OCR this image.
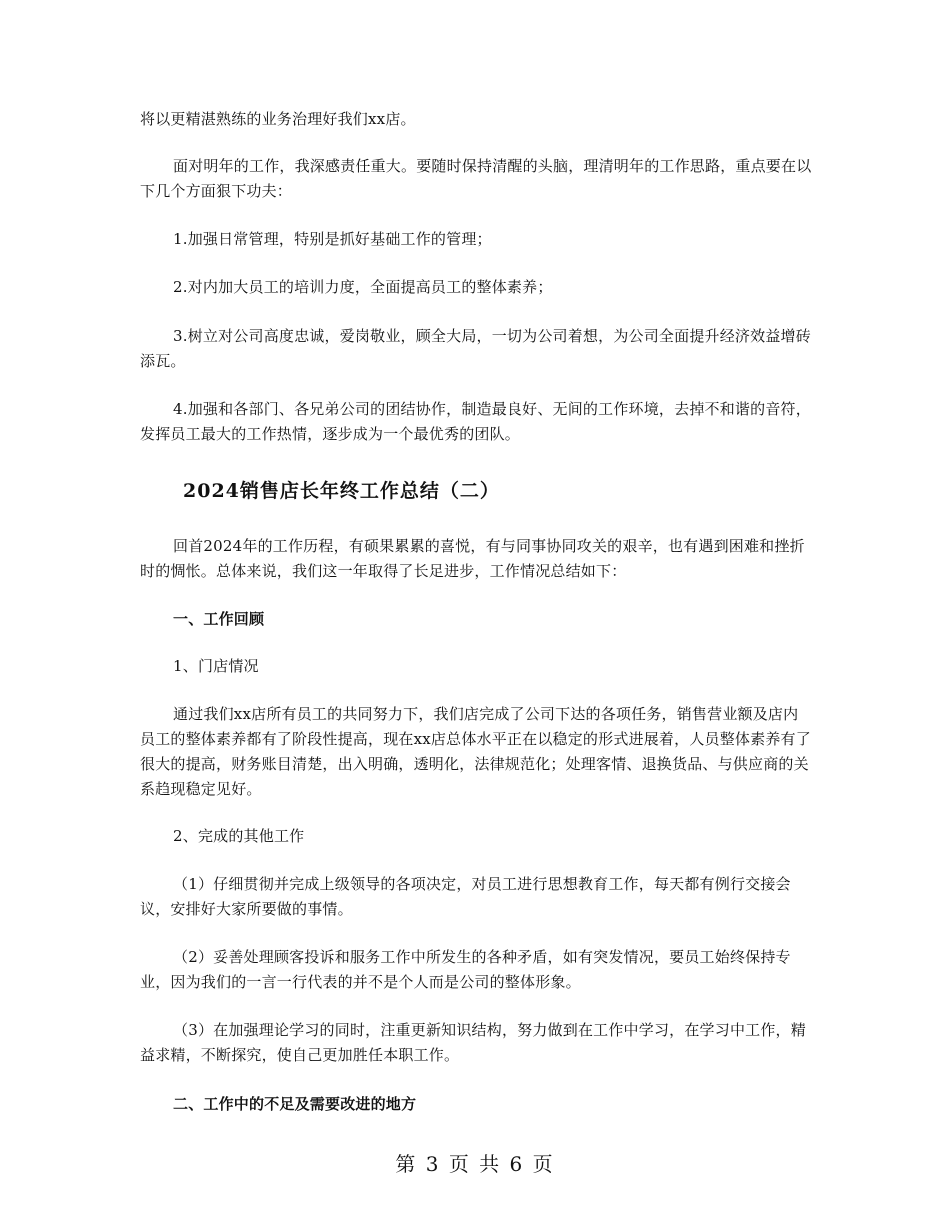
将以更精湛熟练的业务治理好我们xx店。

面对明年的工作，我深感责任重大。要随时保持清醒的头脑，理清明年的工作思路，重点要在以下几个方面狠下功夫：

1.加强日常管理，特别是抓好基础工作的管理；

2.对内加大员工的培训力度，全面提高员工的整体素养；

3.树立对公司高度忠诚，爱岗敬业，顾全大局，一切为公司着想，为公司全面提升经济效益增砖添瓦。

4.加强和各部门、各兄弟公司的团结协作，制造最良好、无间的工作环境，去掉不和谐的音符，发挥员工最大的工作热情，逐步成为一个最优秀的团队。

2024销售店长年终工作总结（二）

回首2024年的工作历程，有硕果累累的喜悦，有与同事协同攻关的艰辛，也有遇到困难和挫折时的惆怅。总体来说，我们这一年取得了长足进步，工作情况总结如下：

一、工作回顾

1、门店情况

通过我们xx店所有员工的共同努力下，我们店完成了公司下达的各项任务，销售营业额及店内员工的整体素养都有了阶段性提高，现在xx店总体水平正在以稳定的形式进展着，人员整体素养有了很大的提高，财务账目清楚，出入明确，透明化，法律规范化；处理客情、退换货品、与供应商的关系趋现稳定见好。

2、完成的其他工作

（1）仔细贯彻并完成上级领导的各项决定，对员工进行思想教育工作，每天都有例行交接会议，安排好大家所要做的事情。

（2）妥善处理顾客投诉和服务工作中所发生的各种矛盾，如有突发情况，要员工始终保持专业，因为我们的一言一行代表的并不是个人而是公司的整体形象。

（3）在加强理论学习的同时，注重更新知识结构，努力做到在工作中学习，在学习中工作，精益求精，不断探究，使自己更加胜任本职工作。

二、工作中的不足及需要改进的地方

第 3 页 共 6 页
